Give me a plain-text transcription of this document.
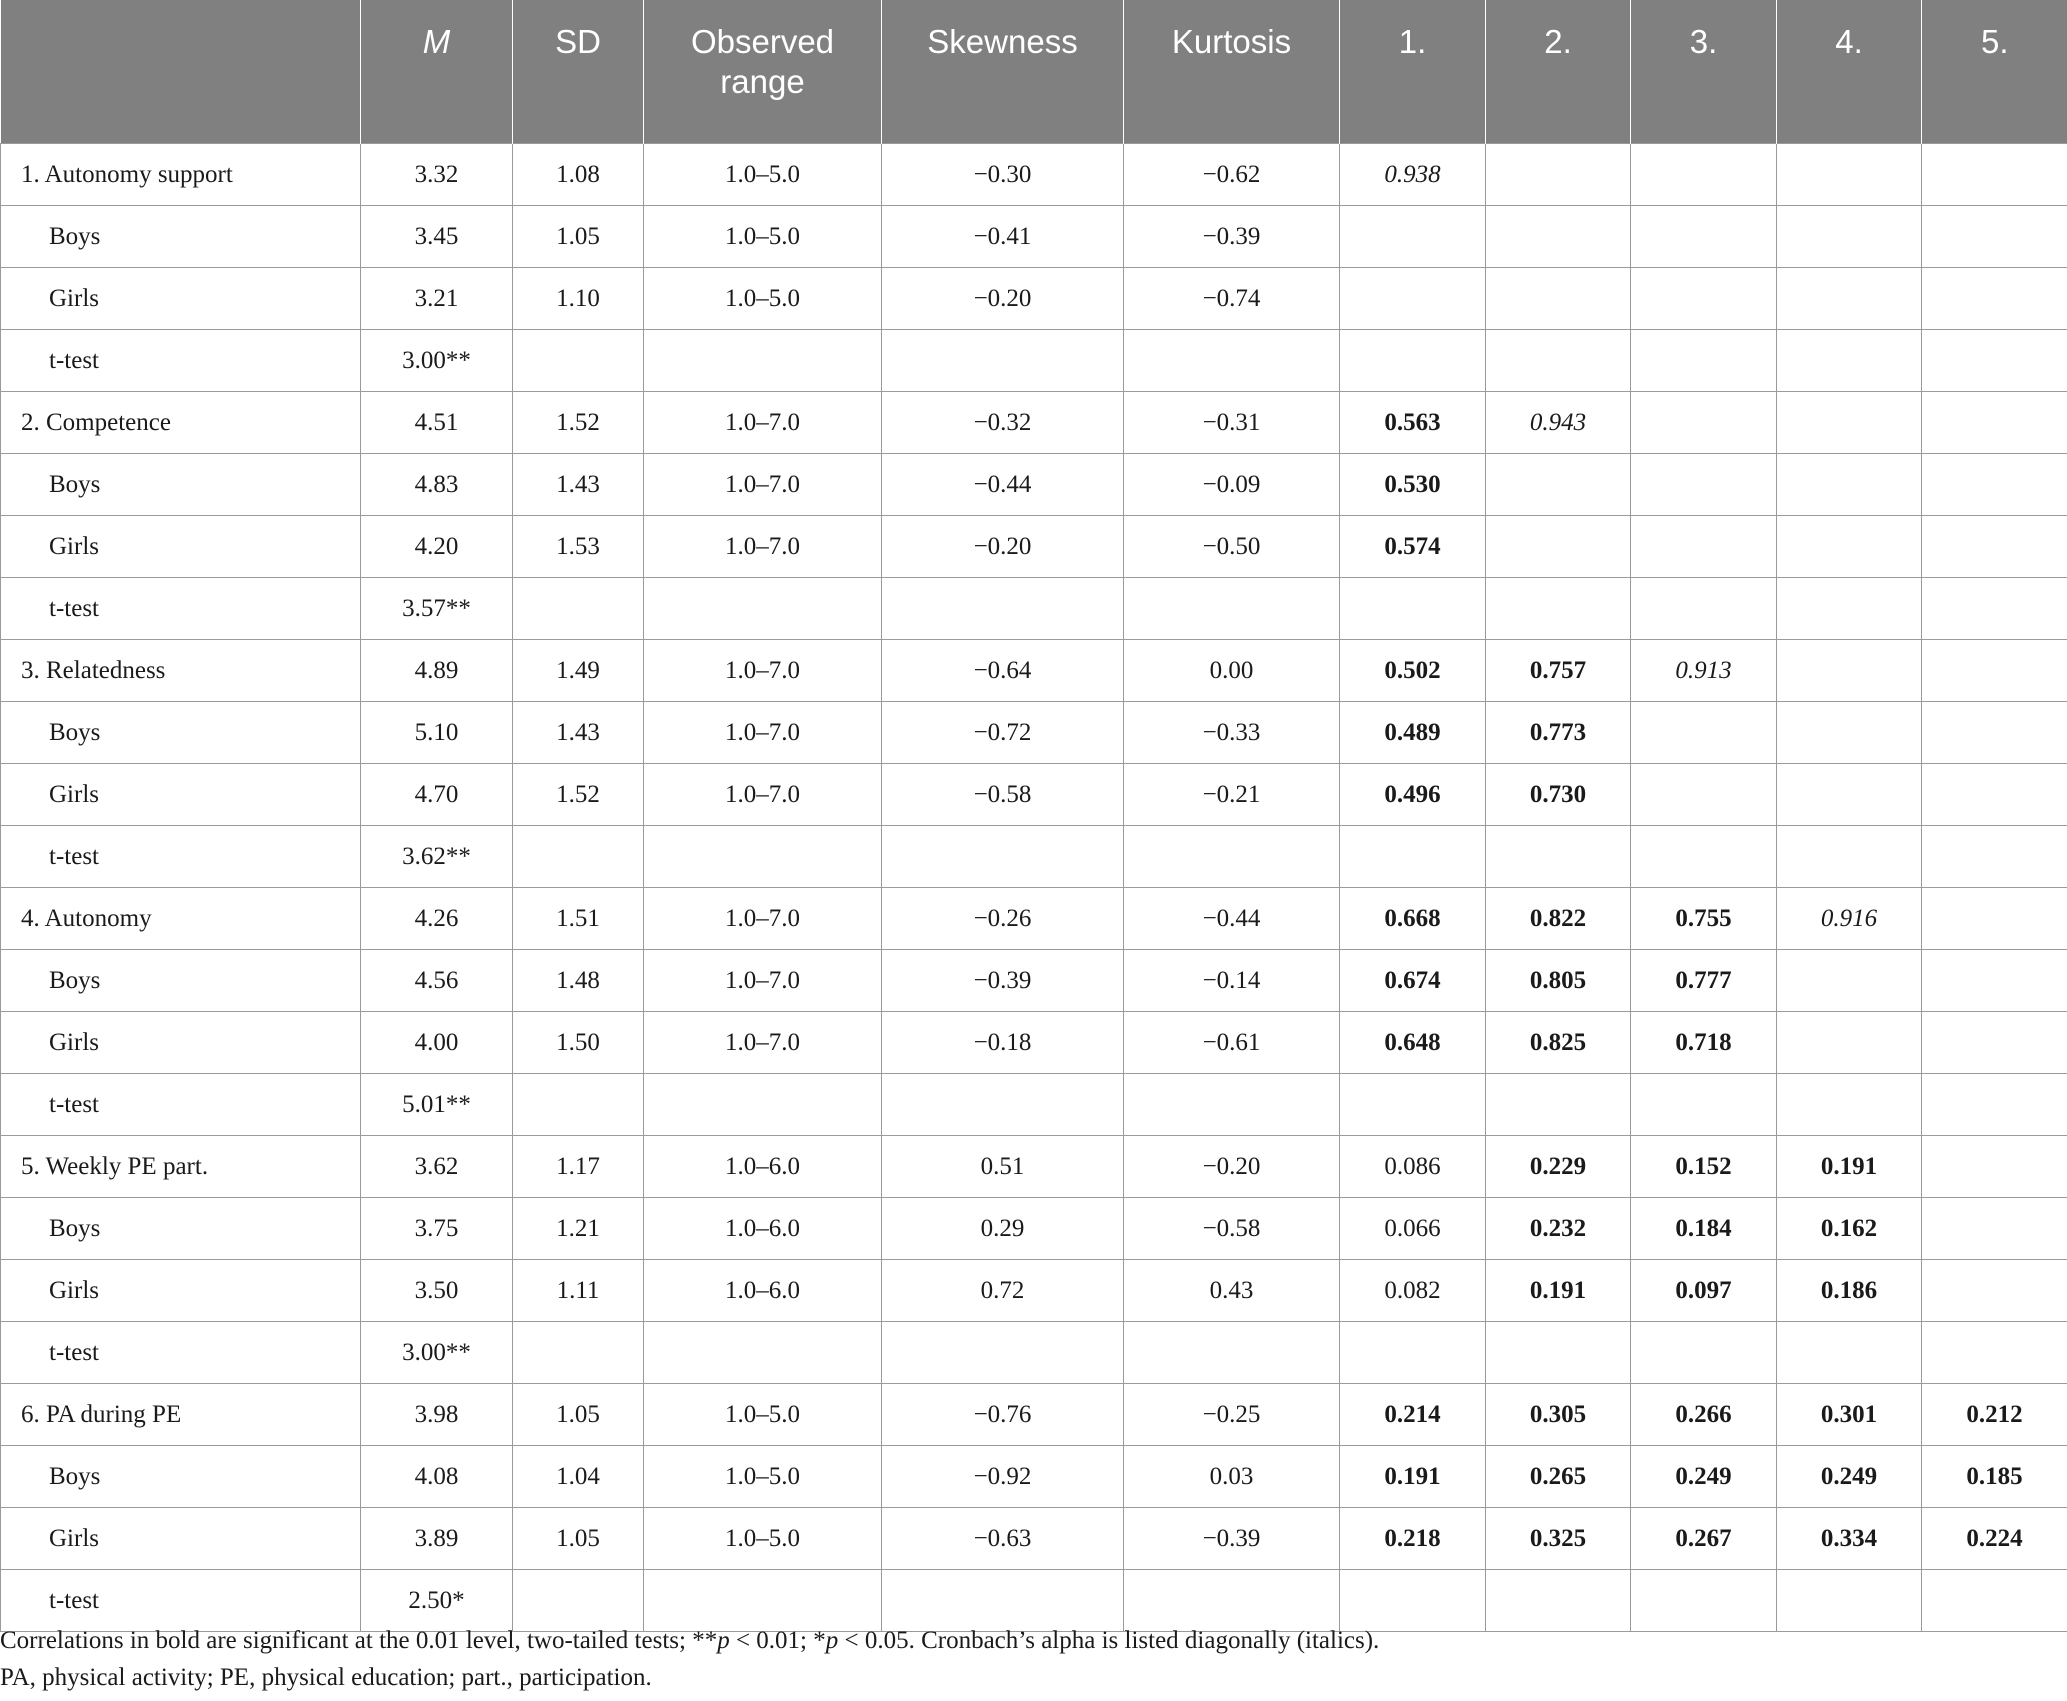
	M	SD	Observed range	Skewness	Kurtosis	1.	2.	3.	4.	5.
1. Autonomy support	3.32	1.08	1.0–5.0	−0.30	−0.62	0.938				
Boys	3.45	1.05	1.0–5.0	−0.41	−0.39					
Girls	3.21	1.10	1.0–5.0	−0.20	−0.74					
t-test	3.00**									
2. Competence	4.51	1.52	1.0–7.0	−0.32	−0.31	0.563	0.943			
Boys	4.83	1.43	1.0–7.0	−0.44	−0.09	0.530				
Girls	4.20	1.53	1.0–7.0	−0.20	−0.50	0.574				
t-test	3.57**									
3. Relatedness	4.89	1.49	1.0–7.0	−0.64	0.00	0.502	0.757	0.913		
Boys	5.10	1.43	1.0–7.0	−0.72	−0.33	0.489	0.773			
Girls	4.70	1.52	1.0–7.0	−0.58	−0.21	0.496	0.730			
t-test	3.62**									
4. Autonomy	4.26	1.51	1.0–7.0	−0.26	−0.44	0.668	0.822	0.755	0.916	
Boys	4.56	1.48	1.0–7.0	−0.39	−0.14	0.674	0.805	0.777		
Girls	4.00	1.50	1.0–7.0	−0.18	−0.61	0.648	0.825	0.718		
t-test	5.01**									
5. Weekly PE part.	3.62	1.17	1.0–6.0	0.51	−0.20	0.086	0.229	0.152	0.191	
Boys	3.75	1.21	1.0–6.0	0.29	−0.58	0.066	0.232	0.184	0.162	
Girls	3.50	1.11	1.0–6.0	0.72	0.43	0.082	0.191	0.097	0.186	
t-test	3.00**									
6. PA during PE	3.98	1.05	1.0–5.0	−0.76	−0.25	0.214	0.305	0.266	0.301	0.212
Boys	4.08	1.04	1.0–5.0	−0.92	0.03	0.191	0.265	0.249	0.249	0.185
Girls	3.89	1.05	1.0–5.0	−0.63	−0.39	0.218	0.325	0.267	0.334	0.224
t-test	2.50*									

Correlations in bold are significant at the 0.01 level, two-tailed tests; **p < 0.01; *p < 0.05. Cronbach’s alpha is listed diagonally (italics).

PA, physical activity; PE, physical education; part., participation.
